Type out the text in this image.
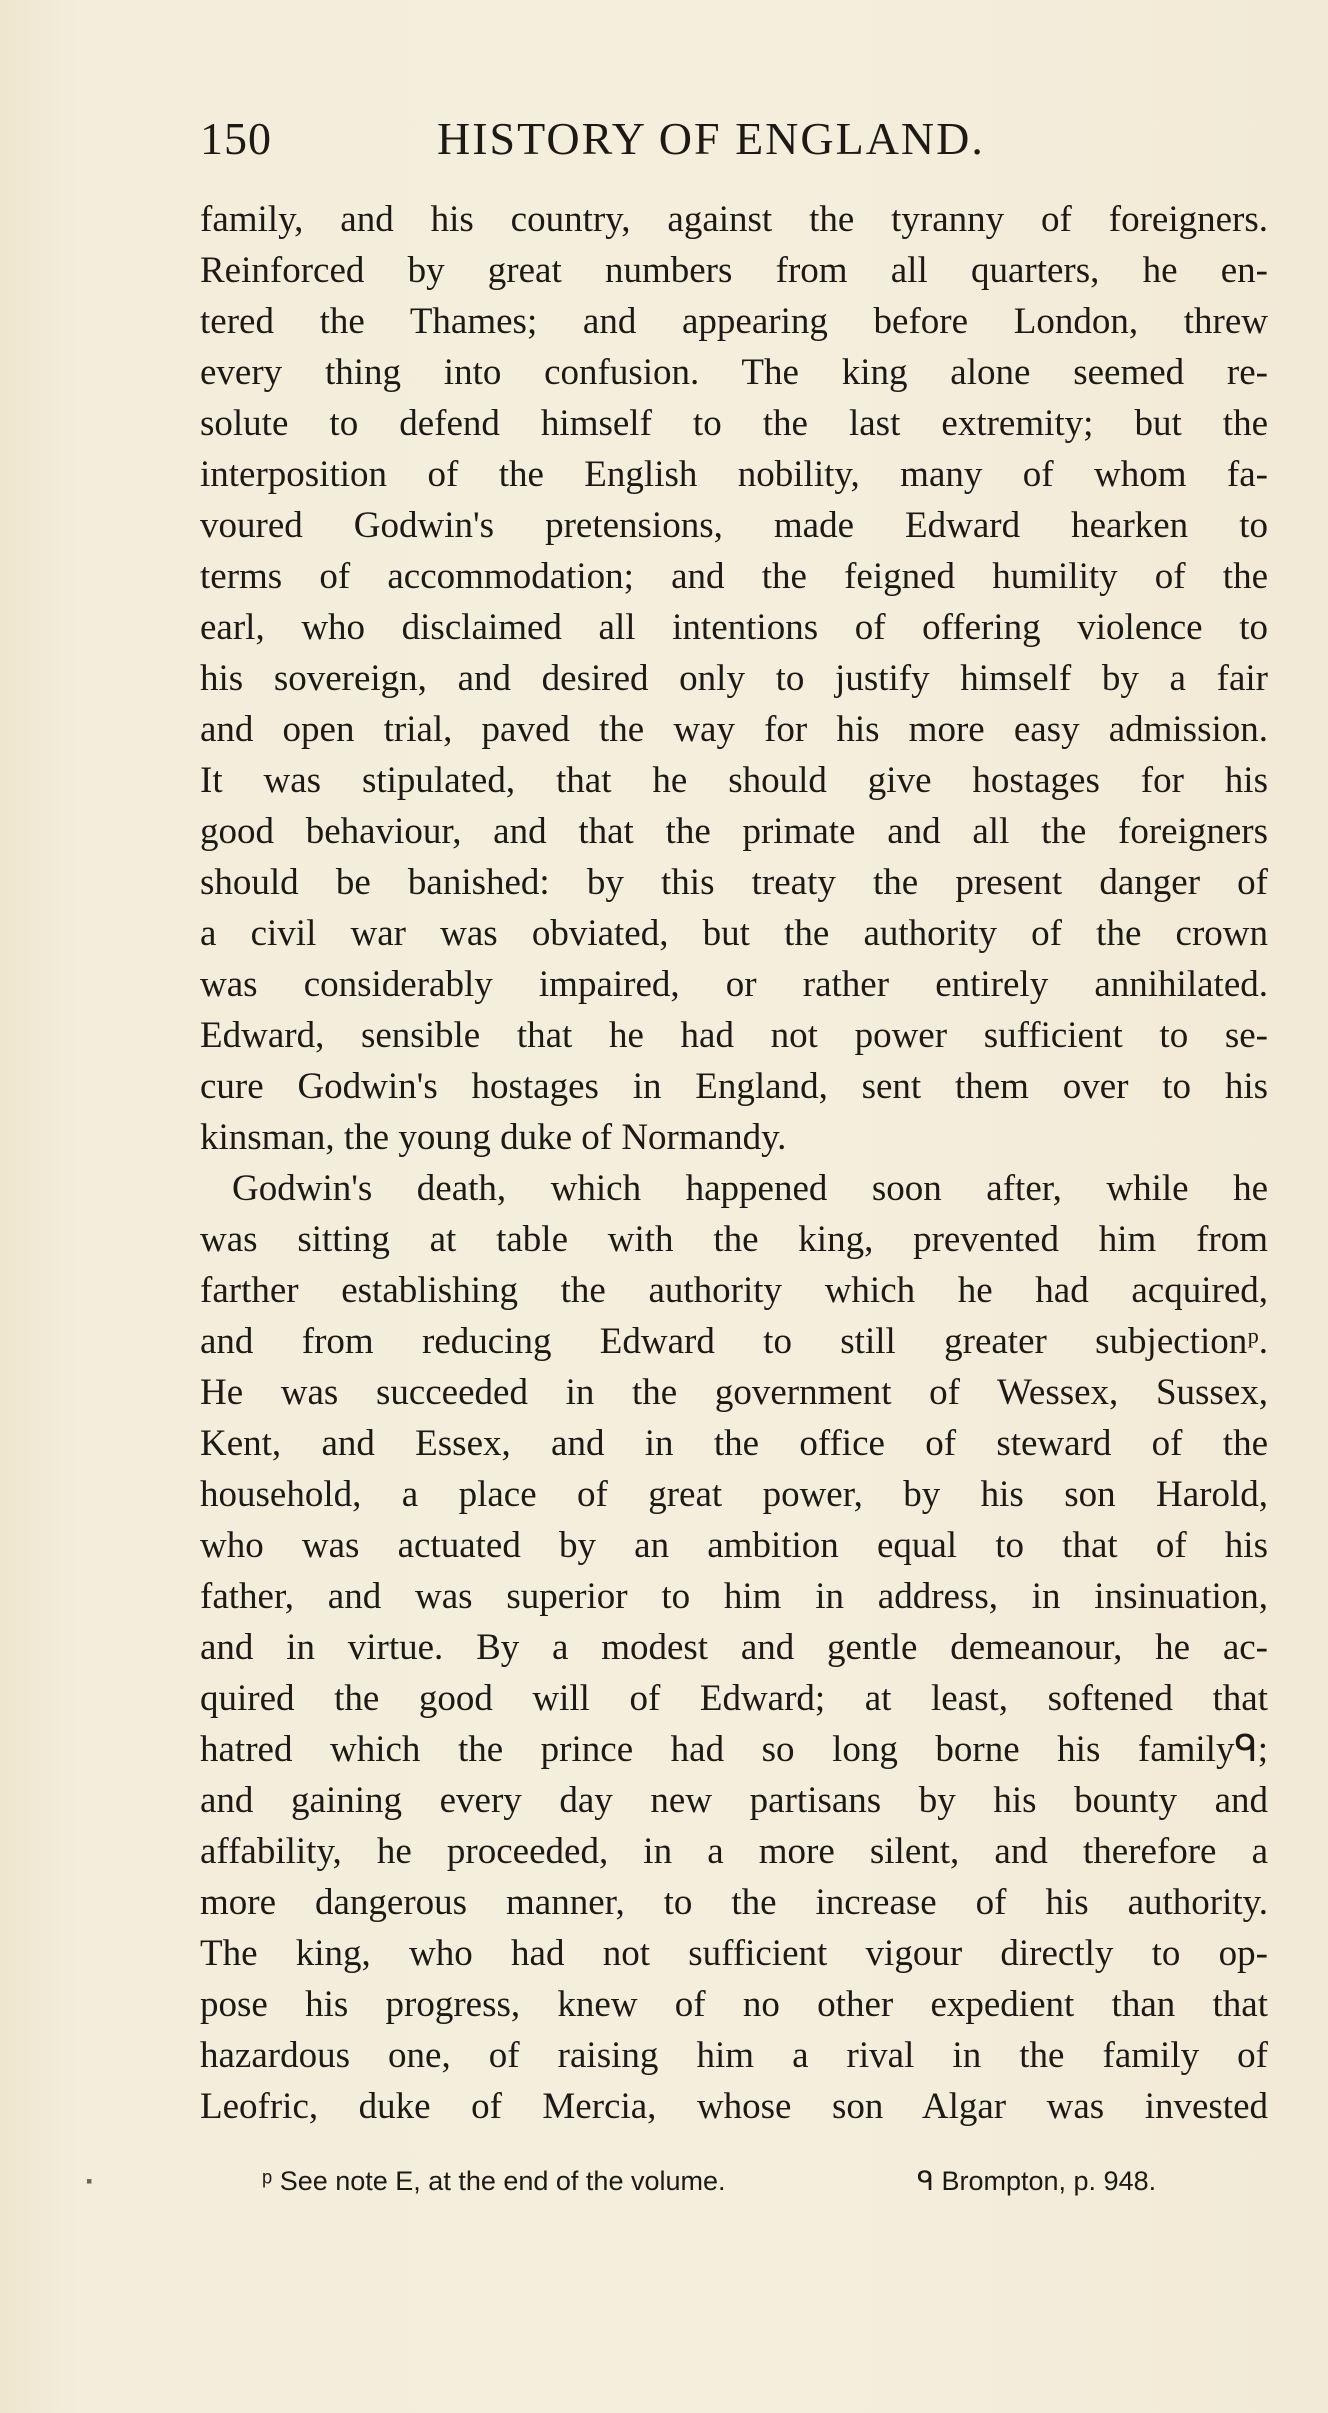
150	HISTORY OF ENGLAND.
family, and his country, against the tyranny of foreigners.
Reinforced by great numbers from all quarters, he en-
tered the Thames; and appearing before London, threw
every thing into confusion. The king alone seemed re-
solute to defend himself to the last extremity; but the
interposition of the English nobility, many of whom fa-
voured Godwin's pretensions, made Edward hearken to
terms of accommodation; and the feigned humility of the
earl, who disclaimed all intentions of offering violence to
his sovereign, and desired only to justify himself by a fair
and open trial, paved the way for his more easy admission.
It was stipulated, that he should give hostages for his
good behaviour, and that the primate and all the foreigners
should be banished: by this treaty the present danger of
a civil war was obviated, but the authority of the crown
was considerably impaired, or rather entirely annihilated.
Edward, sensible that he had not power sufficient to se-
cure Godwin's hostages in England, sent them over to his
kinsman, the young duke of Normandy.
Godwin's death, which happened soon after, while he
was sitting at table with the king, prevented him from
farther establishing the authority which he had acquired,
and from reducing Edward to still greater subjectionᵖ.
He was succeeded in the government of Wessex, Sussex,
Kent, and Essex, and in the office of steward of the
household, a place of great power, by his son Harold,
who was actuated by an ambition equal to that of his
father, and was superior to him in address, in insinuation,
and in virtue. By a modest and gentle demeanour, he ac-
quired the good will of Edward; at least, softened that
hatred which the prince had so long borne his familyᑫ;
and gaining every day new partisans by his bounty and
affability, he proceeded, in a more silent, and therefore a
more dangerous manner, to the increase of his authority.
The king, who had not sufficient vigour directly to op-
pose his progress, knew of no other expedient than that
hazardous one, of raising him a rival in the family of
Leofric, duke of Mercia, whose son Algar was invested
ᵖ See note E, at the end of the volume.	ᑫ Brompton, p. 948.
▪
